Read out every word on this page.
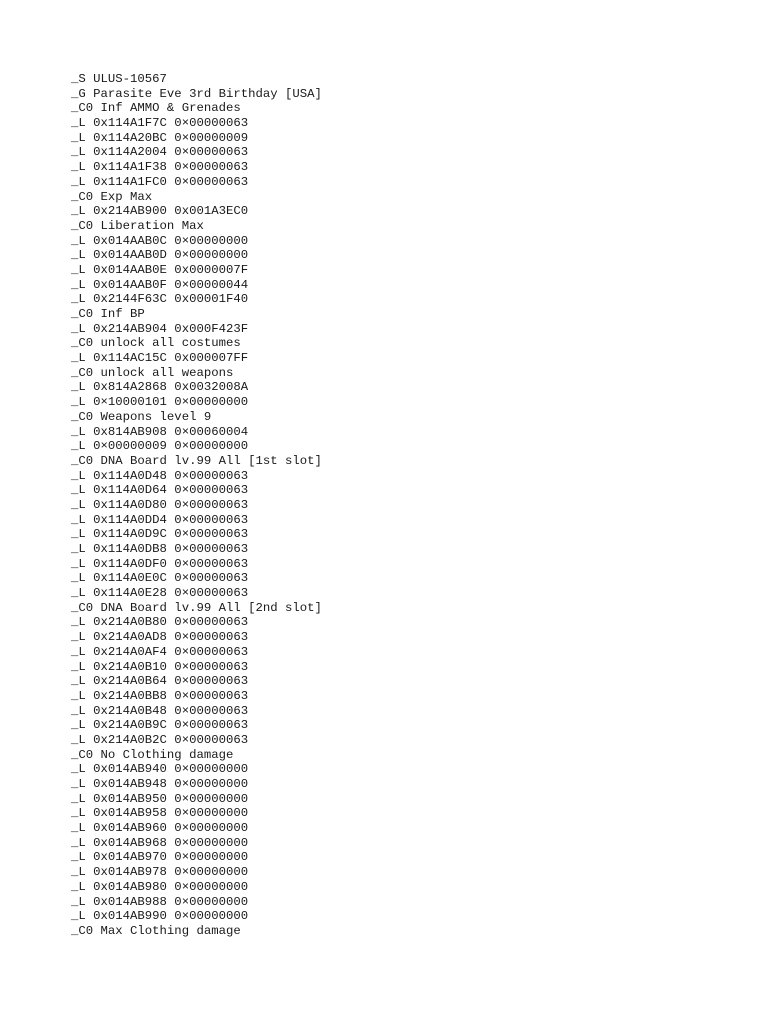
_S ULUS-10567
_G Parasite Eve 3rd Birthday [USA]
_C0 Inf AMMO & Grenades
_L 0x114A1F7C 0×00000063
_L 0x114A20BC 0×00000009
_L 0x114A2004 0×00000063
_L 0x114A1F38 0×00000063
_L 0x114A1FC0 0×00000063
_C0 Exp Max
_L 0x214AB900 0x001A3EC0
_C0 Liberation Max
_L 0x014AAB0C 0×00000000
_L 0x014AAB0D 0×00000000
_L 0x014AAB0E 0x0000007F
_L 0x014AAB0F 0×00000044
_L 0x2144F63C 0x00001F40
_C0 Inf BP
_L 0x214AB904 0x000F423F
_C0 unlock all costumes
_L 0x114AC15C 0x000007FF
_C0 unlock all weapons
_L 0x814A2868 0x0032008A
_L 0×10000101 0×00000000
_C0 Weapons level 9
_L 0x814AB908 0×00060004
_L 0×00000009 0×00000000
_C0 DNA Board lv.99 All [1st slot]
_L 0x114A0D48 0×00000063
_L 0x114A0D64 0×00000063
_L 0x114A0D80 0×00000063
_L 0x114A0DD4 0×00000063
_L 0x114A0D9C 0×00000063
_L 0x114A0DB8 0×00000063
_L 0x114A0DF0 0×00000063
_L 0x114A0E0C 0×00000063
_L 0x114A0E28 0×00000063
_C0 DNA Board lv.99 All [2nd slot]
_L 0x214A0B80 0×00000063
_L 0x214A0AD8 0×00000063
_L 0x214A0AF4 0×00000063
_L 0x214A0B10 0×00000063
_L 0x214A0B64 0×00000063
_L 0x214A0BB8 0×00000063
_L 0x214A0B48 0×00000063
_L 0x214A0B9C 0×00000063
_L 0x214A0B2C 0×00000063
_C0 No Clothing damage
_L 0x014AB940 0×00000000
_L 0x014AB948 0×00000000
_L 0x014AB950 0×00000000
_L 0x014AB958 0×00000000
_L 0x014AB960 0×00000000
_L 0x014AB968 0×00000000
_L 0x014AB970 0×00000000
_L 0x014AB978 0×00000000
_L 0x014AB980 0×00000000
_L 0x014AB988 0×00000000
_L 0x014AB990 0×00000000
_C0 Max Clothing damage
